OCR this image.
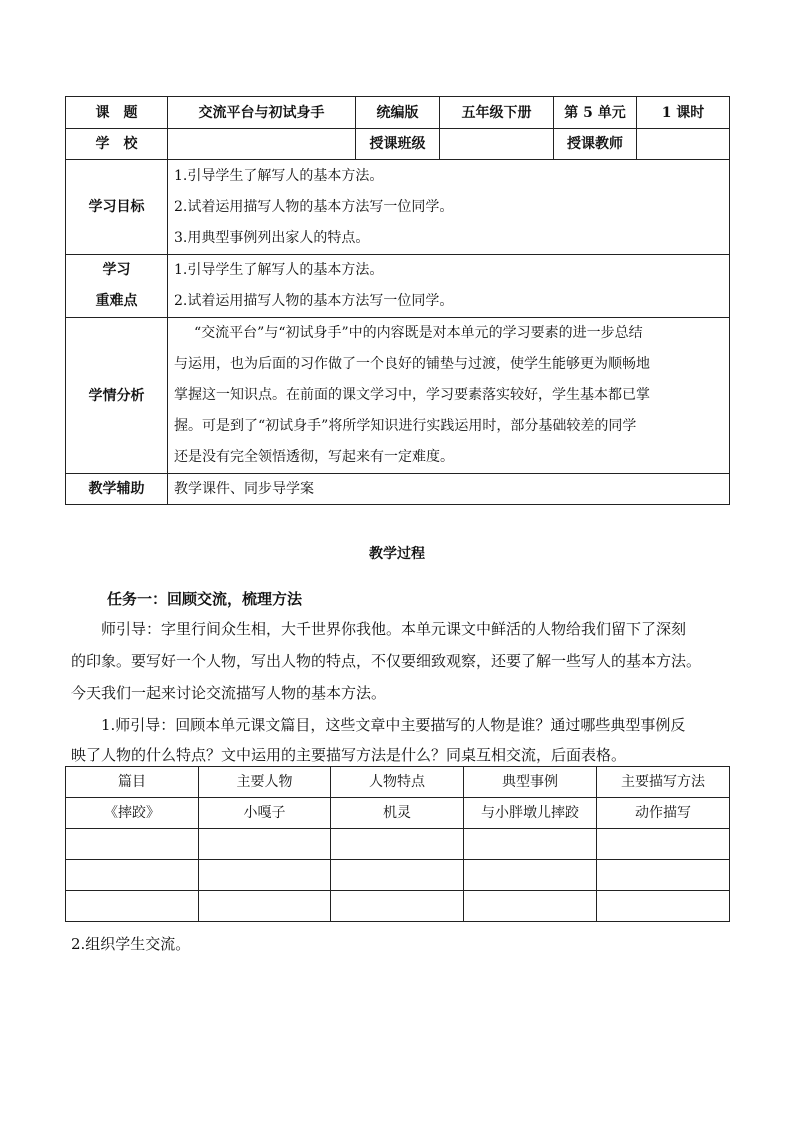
课　题	交流平台与初试身手	统编版	五年级下册	第 5 单元	1 课时
学　校		授课班级		授课教师	
学习目标	1.引导学生了解写人的基本方法。
2.试着运用描写人物的基本方法写一位同学。
3.用典型事例列出家人的特点。				

学习
重难点	1.引导学生了解写人的基本方法。
2.试着运用描写人物的基本方法写一位同学。				

学情分析	“交流平台”与“初试身手”中的内容既是对本单元的学习要素的进一步总结
与运用，也为后面的习作做了一个良好的铺垫与过渡，使学生能够更为顺畅地
掌握这一知识点。在前面的课文学习中，学习要素落实较好，学生基本都已掌
握。可是到了“初试身手”将所学知识进行实践运用时，部分基础较差的同学
还是没有完全领悟透彻，写起来有一定难度。				

教学辅助	教学课件、同步导学案				
教学过程
任务一：回顾交流，梳理方法
　　师引导：字里行间众生相，大千世界你我他。本单元课文中鲜活的人物给我们留下了深刻
的印象。要写好一个人物，写出人物的特点，不仅要细致观察，还要了解一些写人的基本方法。
今天我们一起来讨论交流描写人物的基本方法。
　　1.师引导：回顾本单元课文篇目，这些文章中主要描写的人物是谁？通过哪些典型事例反
映了人物的什么特点？文中运用的主要描写方法是什么？同桌互相交流，后面表格。
篇目	主要人物	人物特点	典型事例	主要描写方法
《摔跤》	小嘎子	机灵	与小胖墩儿摔跤	动作描写

2.组织学生交流。
